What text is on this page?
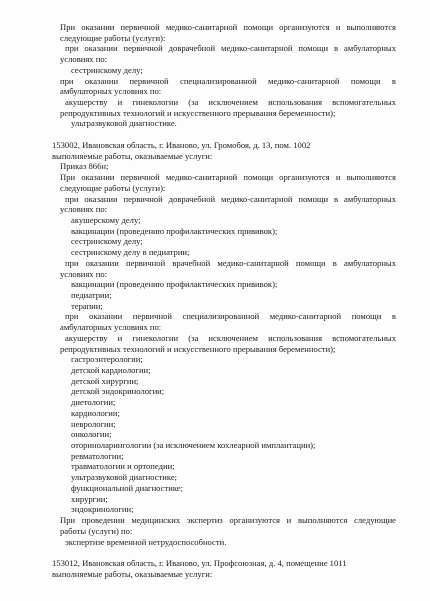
При оказании первичной медико-санитарной помощи организуются и выполняются
следующие работы (услуги):
при оказании первичной доврачебной медико-санитарной помощи в амбулаторных
условиях по:
сестринскому делу;
при оказании первичной специализированной медико-санитарной помощи в
амбулаторных условиях по:
акушерству и гинекологии (за исключением использования вспомогательных
репродуктивных технологий и искусственного прерывания беременности);
ультразвуковой диагностике.
153002, Ивановская область, г. Иваново, ул. Громобоя, д. 13, пом. 1002
выполняемые работы, оказываемые услуги:
Приказ 866н;
При оказании первичной медико-санитарной помощи организуются и выполняются
следующие работы (услуги):
при оказании первичной доврачебной медико-санитарной помощи в амбулаторных
условиях по:
акушерскому делу;
вакцинации (проведению профилактических прививок);
сестринскому делу;
сестринскому делу в педиатрии;
при оказании первичной врачебной медико-санитарной помощи в амбулаторных
условиях по:
вакцинации (проведению профилактических прививок);
педиатрии;
терапии;
при оказании первичной специализированной медико-санитарной помощи в
амбулаторных условиях по:
акушерству и гинекологии (за исключением использования вспомогательных
репродуктивных технологий и искусственного прерывания беременности);
гастроэнтерологии;
детской кардиологии;
детской хирургии;
детской эндокринологии;
диетологии;
кардиологии;
неврологии;
онкологии;
оториноларингологии (за исключением кохлеарной имплантации);
ревматологии;
травматологии и ортопедии;
ультразвуковой диагностике;
функциональной диагностике;
хирургии;
эндокринологии;
При проведении медицинских экспертиз организуются и выполняются следующие
работы (услуги) по:
экспертизе временной нетрудоспособности.
153012, Ивановская область, г. Иваново, ул. Профсоюзная, д. 4, помещение 1011
выполняемые работы, оказываемые услуги:
